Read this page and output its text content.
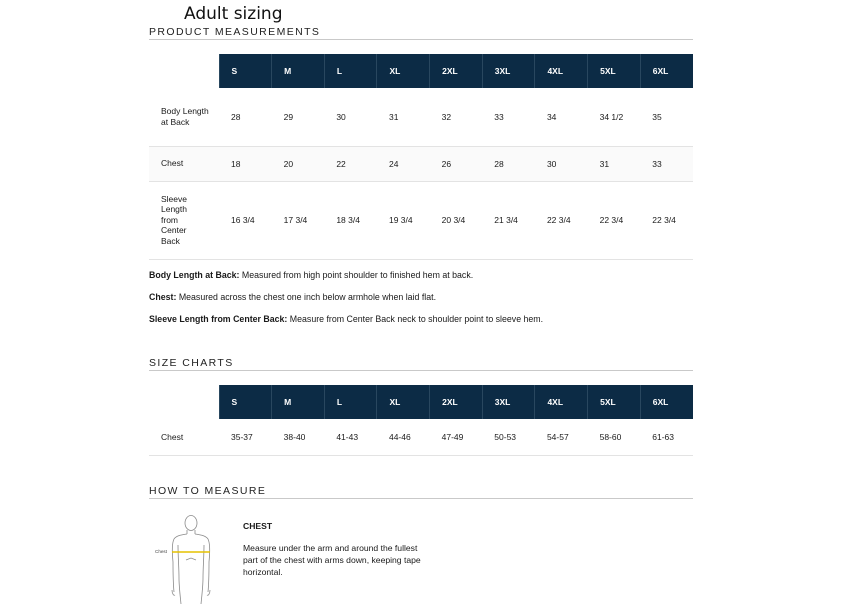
Adult sizing
PRODUCT MEASUREMENTS
	S	M	L	XL	2XL	3XL	4XL	5XL	6XL
Body Length at Back	28	29	30	31	32	33	34	34 1/2	35
Chest	18	20	22	24	26	28	30	31	33
Sleeve Length from Center Back	16 3/4	17 3/4	18 3/4	19 3/4	20 3/4	21 3/4	22 3/4	22 3/4	22 3/4
Body Length at Back: Measured from high point shoulder to finished hem at back.
Chest: Measured across the chest one inch below armhole when laid flat.
Sleeve Length from Center Back: Measure from Center Back neck to shoulder point to sleeve hem.
SIZE CHARTS
	S	M	L	XL	2XL	3XL	4XL	5XL	6XL
Chest	35-37	38-40	41-43	44-46	47-49	50-53	54-57	58-60	61-63
HOW TO MEASURE
Chest
CHEST
Measure under the arm and around the fullest part of the chest with arms down, keeping tape horizontal.
